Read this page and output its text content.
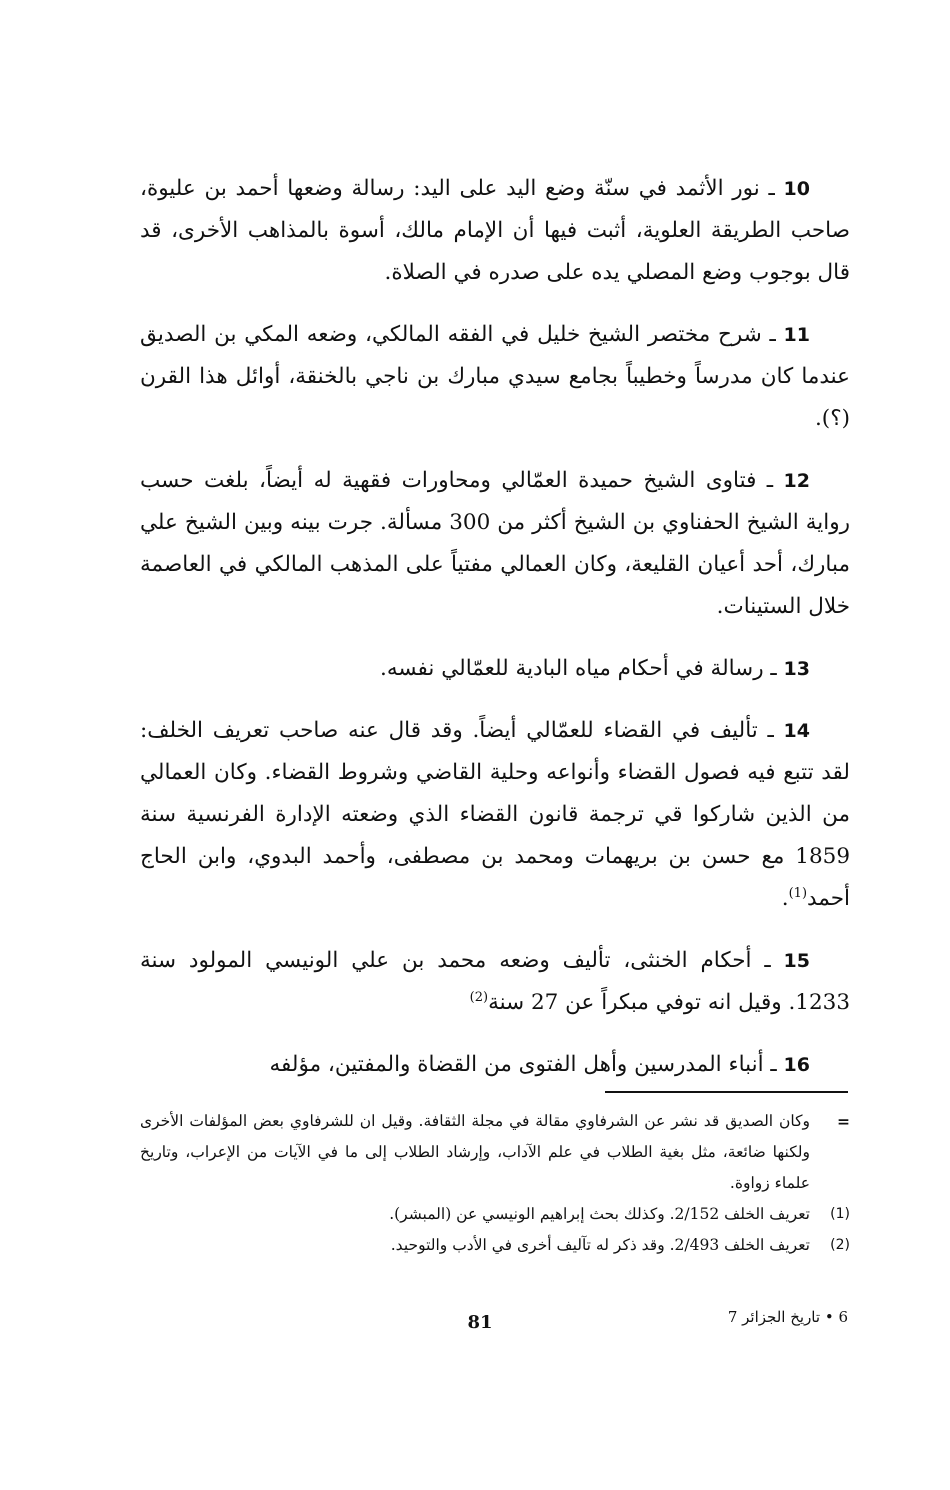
10 ـ نور الأثمد في سنّة وضع اليد على اليد: رسالة وضعها أحمد بن عليوة، صاحب الطريقة العلوية، أثبت فيها أن الإمام مالك، أسوة بالمذاهب الأخرى، قد قال بوجوب وضع المصلي يده على صدره في الصلاة.

11 ـ شرح مختصر الشيخ خليل في الفقه المالكي، وضعه المكي بن الصديق عندما كان مدرساً وخطيباً بجامع سيدي مبارك بن ناجي بالخنقة، أوائل هذا القرن (؟).

12 ـ فتاوى الشيخ حميدة العمّالي ومحاورات فقهية له أيضاً، بلغت حسب رواية الشيخ الحفناوي بن الشيخ أكثر من 300 مسألة. جرت بينه وبين الشيخ علي مبارك، أحد أعيان القليعة، وكان العمالي مفتياً على المذهب المالكي في العاصمة خلال الستينات.

13 ـ رسالة في أحكام مياه البادية للعمّالي نفسه.

14 ـ تأليف في القضاء للعمّالي أيضاً. وقد قال عنه صاحب تعريف الخلف: لقد تتبع فيه فصول القضاء وأنواعه وحلية القاضي وشروط القضاء. وكان العمالي من الذين شاركوا قي ترجمة قانون القضاء الذي وضعته الإدارة الفرنسية سنة 1859 مع حسن بن بريهمات ومحمد بن مصطفى، وأحمد البدوي، وابن الحاج أحمد$^{(1)}$.

15 ـ أحكام الخنثى، تأليف وضعه محمد بن علي الونيسي المولود سنة 1233. وقيل انه توفي مبكراً عن 27 سنة$^{(2)}$

16 ـ أنباء المدرسين وأهل الفتوى من القضاة والمفتين، مؤلفه

=
وكان الصديق قد نشر عن الشرفاوي مقالة في مجلة الثقافة. وقيل ان للشرفاوي بعض المؤلفات الأخرى ولكنها ضائعة، مثل بغية الطلاب في علم الآداب، وإرشاد الطلاب إلى ما في الآيات من الإعراب، وتاريخ علماء زواوة.

(1)
تعريف الخلف 2/152. وكذلك بحث إبراهيم الونيسي عن (المبشر).

(2)
تعريف الخلف 2/493. وقد ذكر له تآليف أخرى في الأدب والتوحيد.

81	6 • تاريخ الجزائر 7
